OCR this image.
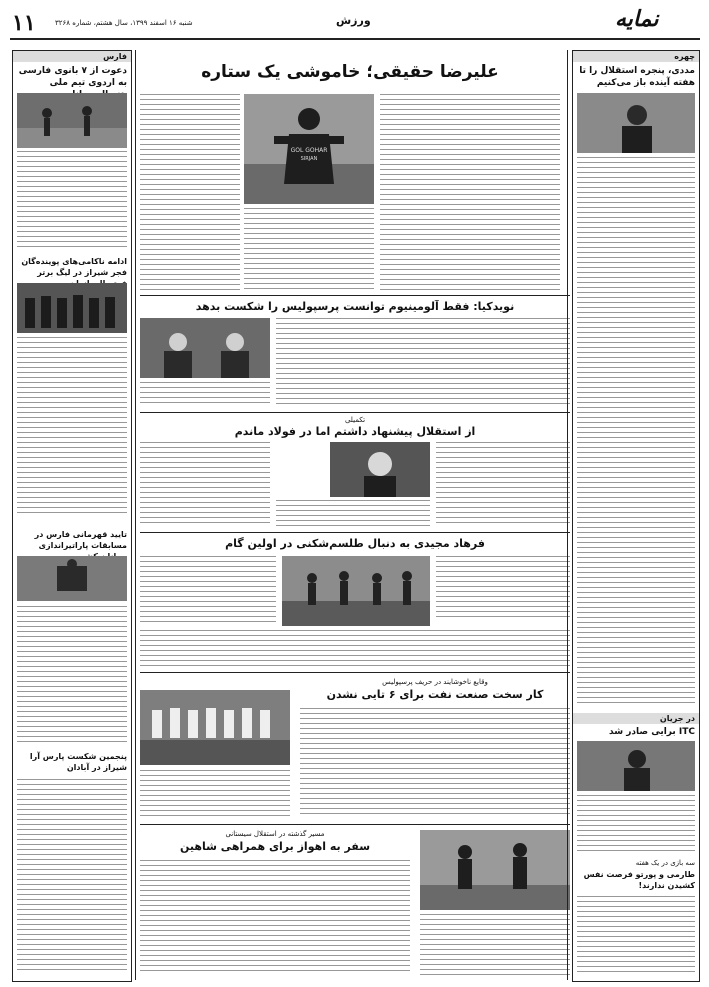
۱۱	شنبه ۱۶ اسفند ۱۳۹۹، سال هشتم، شماره ۳۲۶۸	ورزش	نمایه
فارس
دعوت از ۷ بانوی فارسی به اردوی تیم ملی
ادامه ناکامی‌های پوینده‌گان فجر شیراز در لیگ برتر
تایید قهرمانی فارس در مسابقات پاراتیراندازی
پنجمین شکست پارس آرا شیراز در آبادان
علیرضا حقیقی؛ خاموشی یک ستاره
GOL GOHAR
SIRJAN
چهره
مددی، پنجره استقلال را تا هفته آینده باز می‌کنیم
در جریان
ITC برایی صادر شد
سه بازی در یک هفته
طارمی و پورتو فرصت نفس کشیدن ندارند!
نویدکیا: فقط آلومینیوم توانست پرسپولیس را شکست بدهد
تکمیلی
از استقلال پیشنهاد داشتم اما در فولاد ماندم
فرهاد مجیدی به دنبال طلسم‌شکنی در اولین گام
وقایع ناخوشایند در حریف پرسپولیس
کار سخت صنعت نفت برای ۶ تایی نشدن
مسیر گذشته در استقلال سیستانی
سفر به اهواز برای همراهی شاهین
